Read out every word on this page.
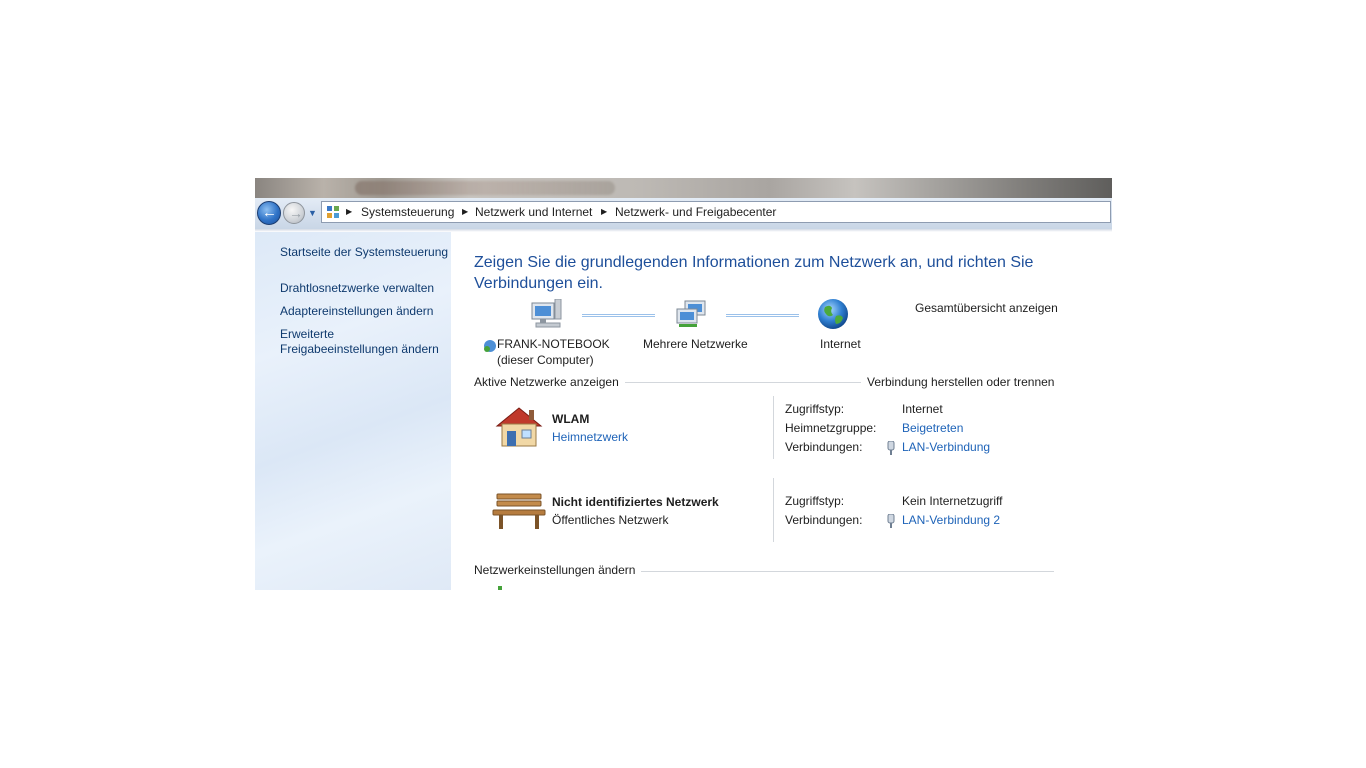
← → ▼	▶ Systemsteuerung ▶ Netzwerk und Internet ▶ Netzwerk- und Freigabecenter
Startseite der Systemsteuerung
Drahtlosnetzwerke verwalten
Adaptereinstellungen ändern
Erweiterte Freigabeeinstellungen ändern
Zeigen Sie die grundlegenden Informationen zum Netzwerk an, und richten Sie Verbindungen ein.
FRANK-NOTEBOOK
(dieser Computer)
Mehrere Netzwerke	Internet
Gesamtübersicht anzeigen
Aktive Netzwerke anzeigen	Verbindung herstellen oder trennen
WLAM
Heimnetzwerk
Zugriffstyp:	Internet
Heimnetzgruppe: Beigetreten
Verbindungen:	LAN-Verbindung
Nicht identifiziertes Netzwerk
Öffentliches Netzwerk
Zugriffstyp:	Kein Internetzugriff
Verbindungen:	LAN-Verbindung 2
Netzwerkeinstellungen ändern
